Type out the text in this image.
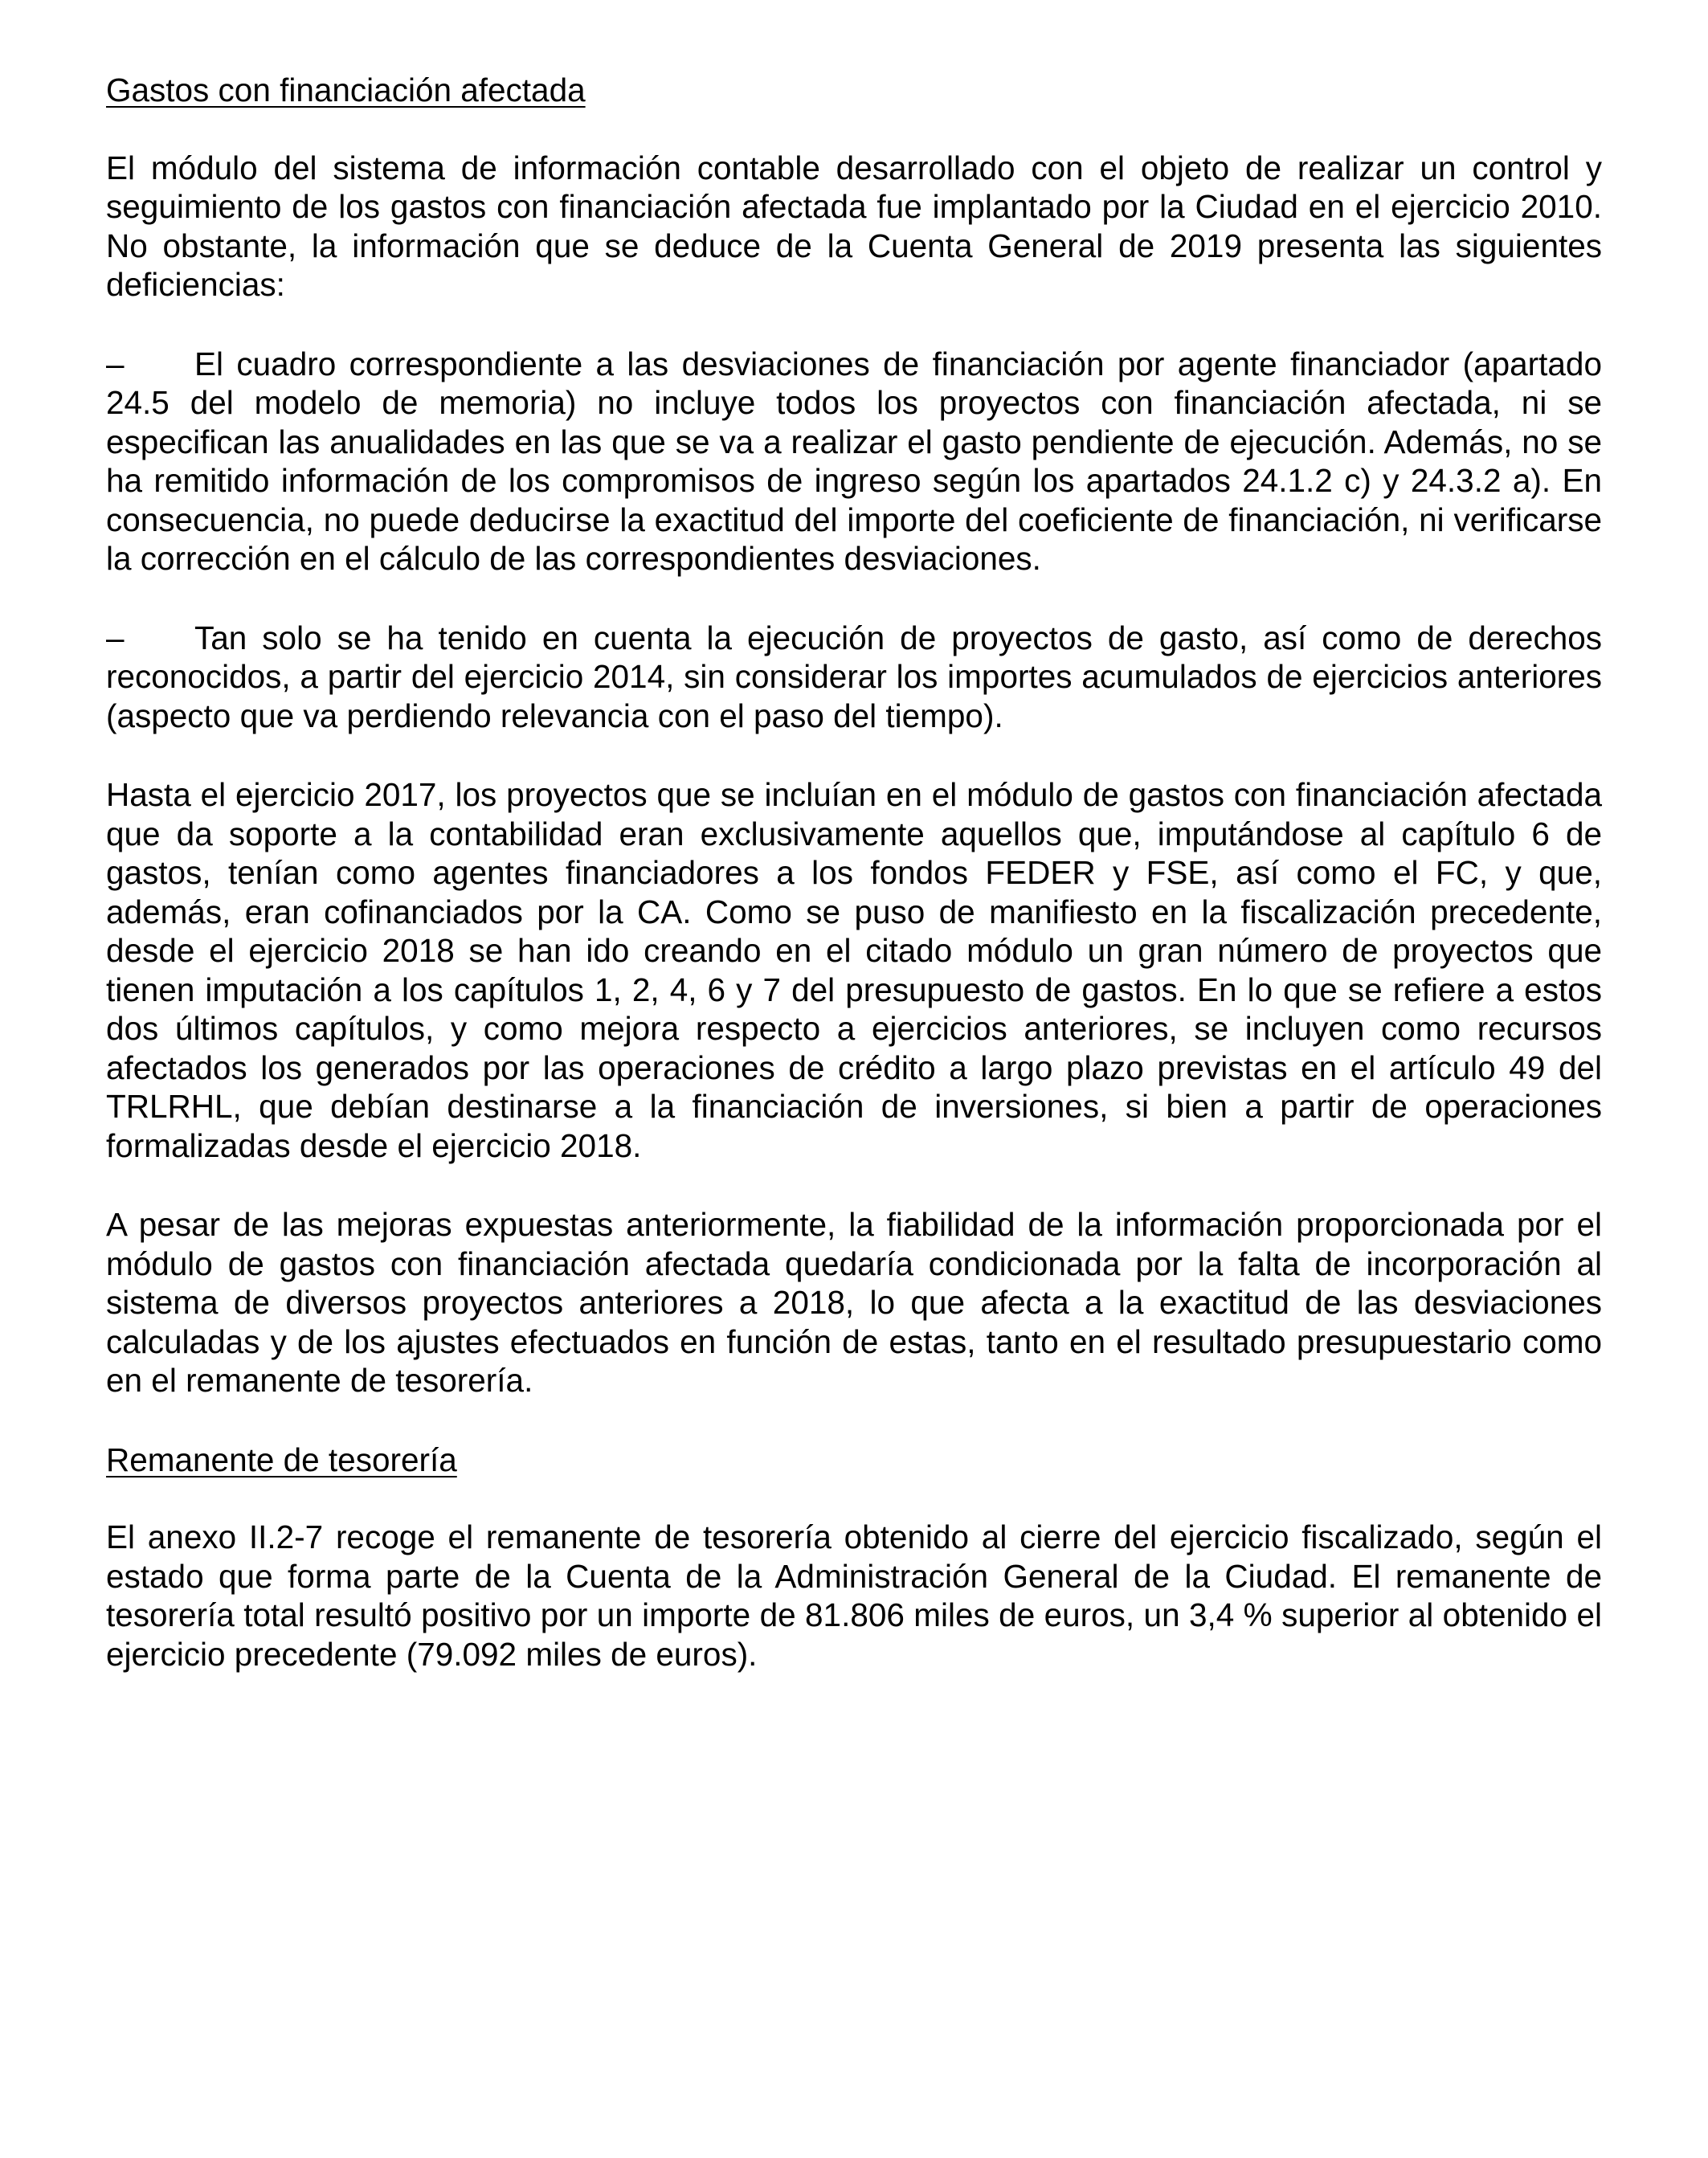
Gastos con financiación afectada

El módulo del sistema de información contable desarrollado con el objeto de realizar un control y seguimiento de los gastos con financiación afectada fue implantado por la Ciudad en el ejercicio 2010. No obstante, la información que se deduce de la Cuenta General de 2019 presenta las siguientes deficiencias:

– El cuadro correspondiente a las desviaciones de financiación por agente financiador (apartado 24.5 del modelo de memoria) no incluye todos los proyectos con financiación afectada, ni se especifican las anualidades en las que se va a realizar el gasto pendiente de ejecución. Además, no se ha remitido información de los compromisos de ingreso según los apartados 24.1.2 c) y 24.3.2 a). En consecuencia, no puede deducirse la exactitud del importe del coeficiente de financiación, ni verificarse la corrección en el cálculo de las correspondientes desviaciones.

– Tan solo se ha tenido en cuenta la ejecución de proyectos de gasto, así como de derechos reconocidos, a partir del ejercicio 2014, sin considerar los importes acumulados de ejercicios anteriores (aspecto que va perdiendo relevancia con el paso del tiempo).

Hasta el ejercicio 2017, los proyectos que se incluían en el módulo de gastos con financiación afectada que da soporte a la contabilidad eran exclusivamente aquellos que, imputándose al capítulo 6 de gastos, tenían como agentes financiadores a los fondos FEDER y FSE, así como el FC, y que, además, eran cofinanciados por la CA. Como se puso de manifiesto en la fiscalización precedente, desde el ejercicio 2018 se han ido creando en el citado módulo un gran número de proyectos que tienen imputación a los capítulos 1, 2, 4, 6 y 7 del presupuesto de gastos. En lo que se refiere a estos dos últimos capítulos, y como mejora respecto a ejercicios anteriores, se incluyen como recursos afectados los generados por las operaciones de crédito a largo plazo previstas en el artículo 49 del TRLRHL, que debían destinarse a la financiación de inversiones, si bien a partir de operaciones formalizadas desde el ejercicio 2018.

A pesar de las mejoras expuestas anteriormente, la fiabilidad de la información proporcionada por el módulo de gastos con financiación afectada quedaría condicionada por la falta de incorporación al sistema de diversos proyectos anteriores a 2018, lo que afecta a la exactitud de las desviaciones calculadas y de los ajustes efectuados en función de estas, tanto en el resultado presupuestario como en el remanente de tesorería.

Remanente de tesorería

El anexo II.2-7 recoge el remanente de tesorería obtenido al cierre del ejercicio fiscalizado, según el estado que forma parte de la Cuenta de la Administración General de la Ciudad. El remanente de tesorería total resultó positivo por un importe de 81.806 miles de euros, un 3,4 % superior al obtenido el ejercicio precedente (79.092 miles de euros).
